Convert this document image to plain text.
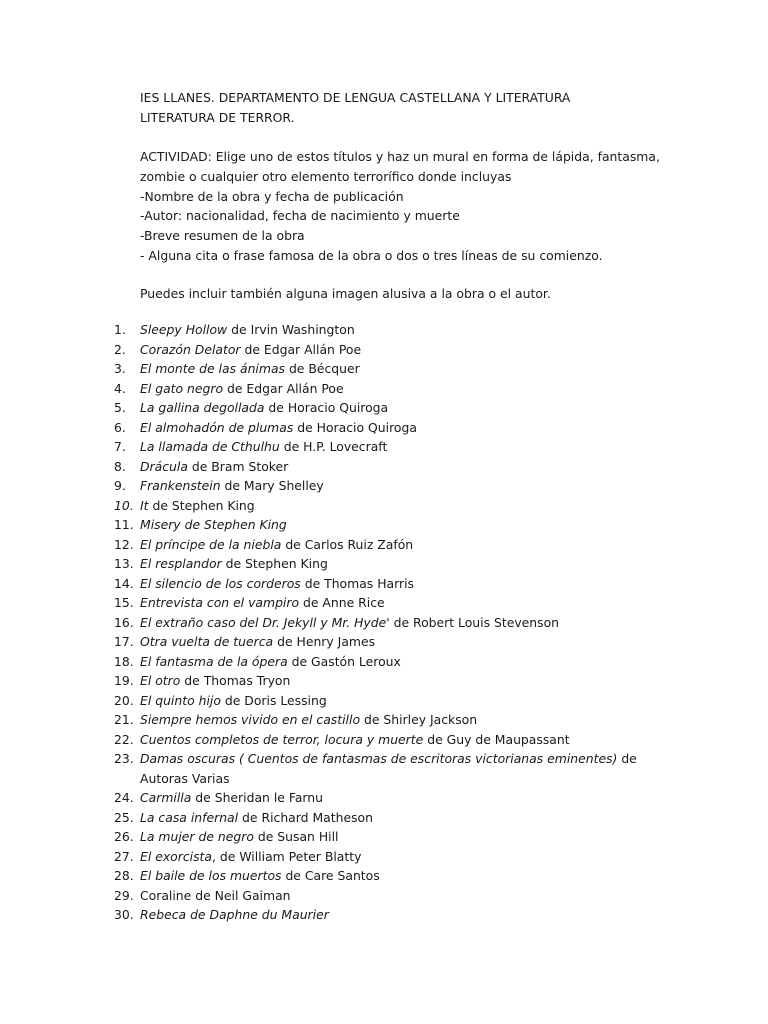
IES LLANES. DEPARTAMENTO DE LENGUA CASTELLANA Y LITERATURA

LITERATURA DE TERROR.

ACTIVIDAD: Elige uno de estos títulos y haz un mural en forma de lápida, fantasma,

zombie o cualquier otro elemento terrorífico donde incluyas

-Nombre de la obra y fecha de publicación

-Autor: nacionalidad, fecha de nacimiento y muerte

-Breve resumen de la obra

- Alguna cita o frase famosa de la obra o dos o tres líneas de su comienzo.

Puedes incluir también alguna imagen alusiva a la obra o el autor.

1.	Sleepy Hollow de Irvin Washington
2.	Corazón Delator de Edgar Allán Poe
3.	El monte de las ánimas de Bécquer
4.	El gato negro de Edgar Allán Poe
5.	La gallina degollada de Horacio Quiroga
6.	El almohadón de plumas de Horacio Quiroga
7.	La llamada de Cthulhu de H.P. Lovecraft
8.	Drácula de Bram Stoker
9.	Frankenstein de Mary Shelley
10. It de Stephen King
11. Misery de Stephen King
12. El príncipe de la niebla de Carlos Ruiz Zafón
13. El resplandor de Stephen King
14. El silencio de los corderos de Thomas Harris
15. Entrevista con el vampiro de Anne Rice
16. El extraño caso del Dr. Jekyll y Mr. Hyde' de Robert Louis Stevenson
17. Otra vuelta de tuerca de Henry James
18. El fantasma de la ópera de Gastón Leroux
19. El otro de Thomas Tryon
20. El quinto hijo de Doris Lessing
21. Siempre hemos vivido en el castillo de Shirley Jackson
22. Cuentos completos de terror, locura y muerte de Guy de Maupassant
23. Damas oscuras ( Cuentos de fantasmas de escritoras victorianas eminentes) de Autoras Varias
24. Carmilla de Sheridan le Farnu
25. La casa infernal de Richard Matheson
26. La mujer de negro de Susan Hill
27. El exorcista, de William Peter Blatty
28. El baile de los muertos de Care Santos
29. Coraline de Neil Gaiman
30. Rebeca de Daphne du Maurier
